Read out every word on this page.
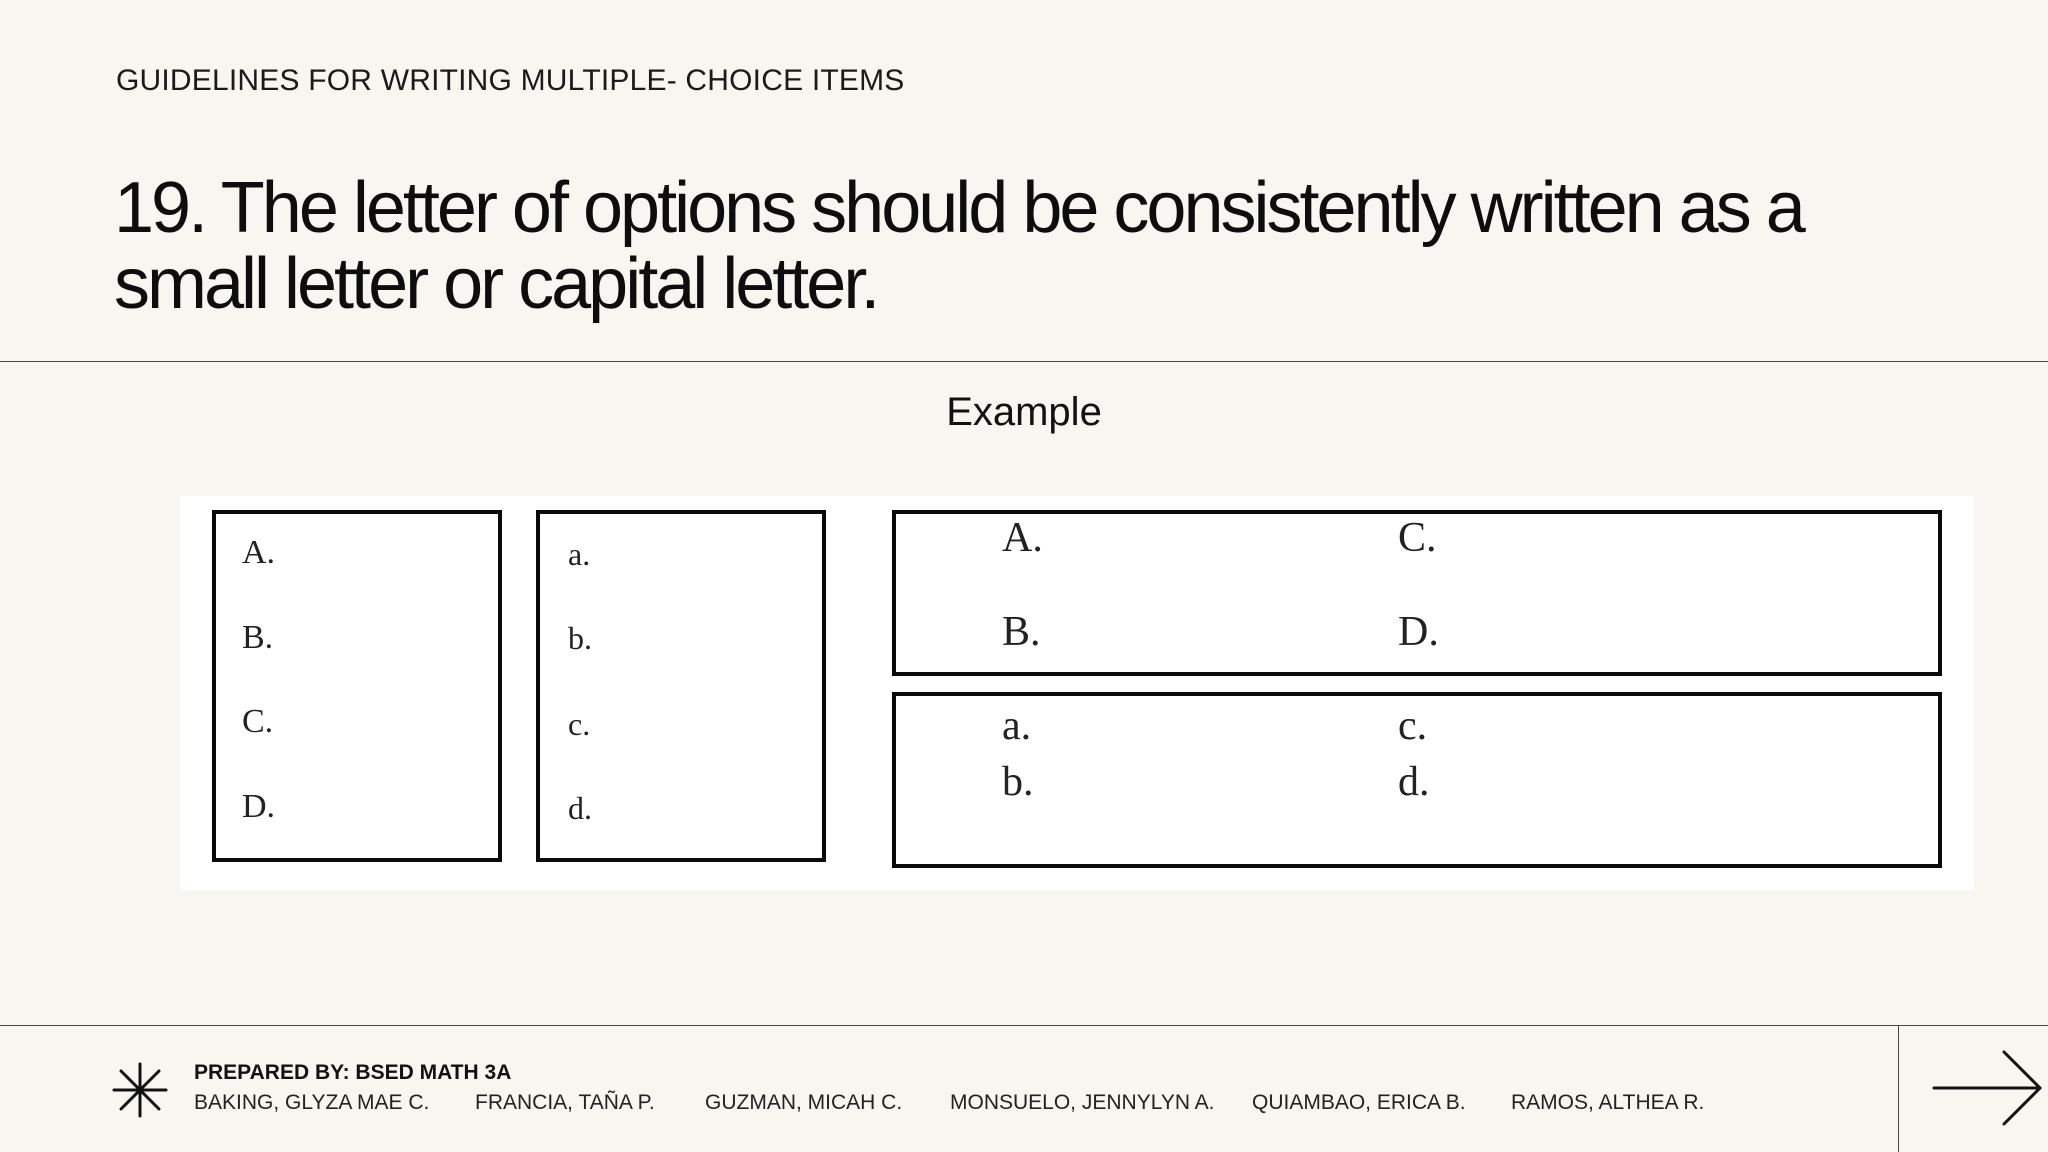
GUIDELINES FOR WRITING MULTIPLE- CHOICE ITEMS
19. The letter of options should be consistently written as a small letter or capital letter.
Example
A.
B.
C.
D.
a.
b.
c.
d.
A.	C.
B.	D.
a.	c.
b.	d.
PREPARED BY: BSED MATH 3A
BAKING, GLYZA MAE C. FRANCIA, TAÑA P. GUZMAN, MICAH C. MONSUELO, JENNYLYN A. QUIAMBAO, ERICA B. RAMOS, ALTHEA R.
